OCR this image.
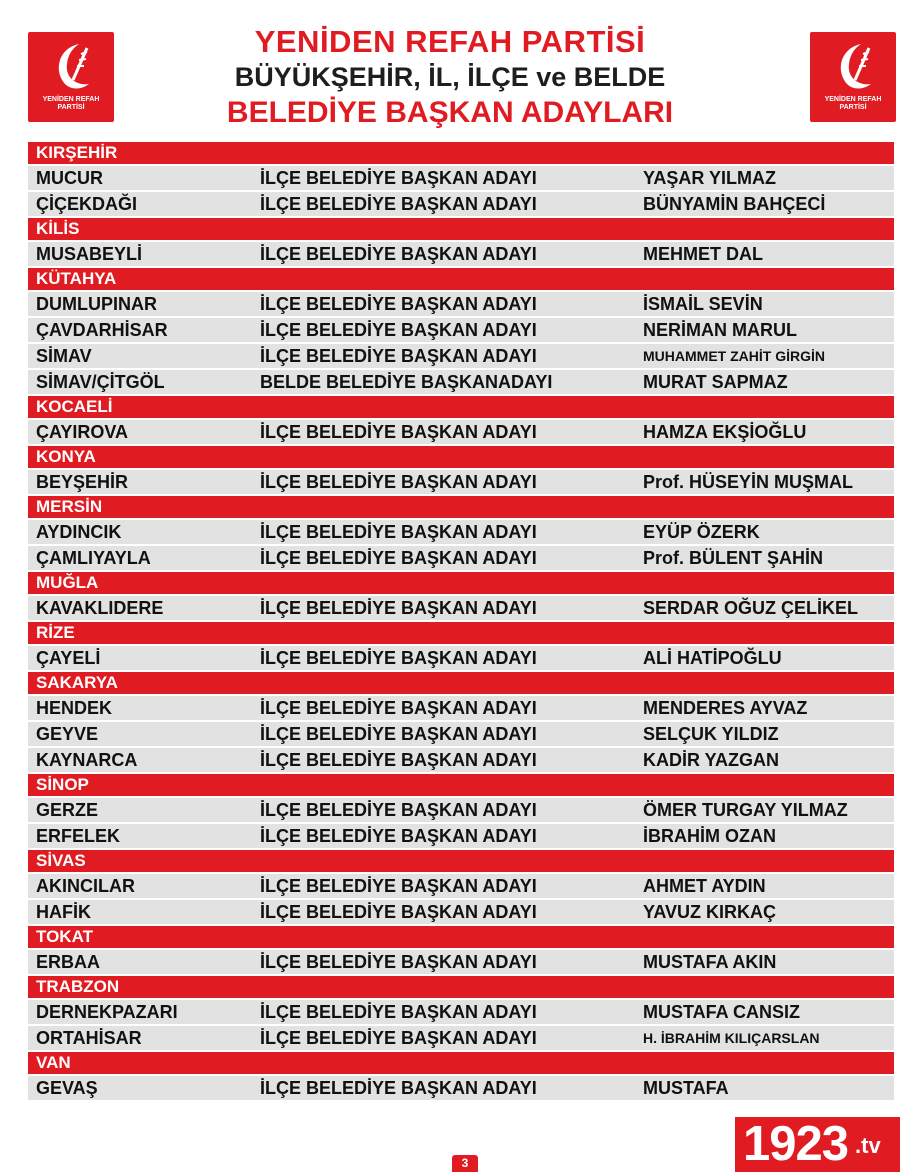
YENİDEN REFAH
PARTİSİ
YENİDEN REFAH PARTİSİ
BÜYÜKŞEHİR, İL, İLÇE ve BELDE
BELEDİYE BAŞKAN ADAYLARI	YENİDEN REFAH
PARTİSİ
KIRŞEHİR
MUCUR	İLÇE BELEDİYE BAŞKAN ADAYI	YAŞAR YILMAZ
ÇİÇEKDAĞI	İLÇE BELEDİYE BAŞKAN ADAYI	BÜNYAMİN BAHÇECİ
KİLİS
MUSABEYLİ	İLÇE BELEDİYE BAŞKAN ADAYI	MEHMET DAL
KÜTAHYA
DUMLUPINAR	İLÇE BELEDİYE BAŞKAN ADAYI	İSMAİL SEVİN
ÇAVDARHİSAR	İLÇE BELEDİYE BAŞKAN ADAYI	NERİMAN MARUL
SİMAV	İLÇE BELEDİYE BAŞKAN ADAYI	MUHAMMET ZAHİT GİRGİN
SİMAV/ÇİTGÖL	BELDE BELEDİYE BAŞKANADAYI	MURAT SAPMAZ
KOCAELİ
ÇAYIROVA	İLÇE BELEDİYE BAŞKAN ADAYI	HAMZA EKŞİOĞLU
KONYA
BEYŞEHİR	İLÇE BELEDİYE BAŞKAN ADAYI	Prof. HÜSEYİN MUŞMAL
MERSİN
AYDINCIK	İLÇE BELEDİYE BAŞKAN ADAYI	EYÜP ÖZERK
ÇAMLIYAYLA	İLÇE BELEDİYE BAŞKAN ADAYI	Prof. BÜLENT ŞAHİN
MUĞLA
KAVAKLIDERE	İLÇE BELEDİYE BAŞKAN ADAYI	SERDAR OĞUZ ÇELİKEL
RİZE
ÇAYELİ	İLÇE BELEDİYE BAŞKAN ADAYI	ALİ HATİPOĞLU
SAKARYA
HENDEK	İLÇE BELEDİYE BAŞKAN ADAYI	MENDERES AYVAZ
GEYVE	İLÇE BELEDİYE BAŞKAN ADAYI	SELÇUK YILDIZ
KAYNARCA	İLÇE BELEDİYE BAŞKAN ADAYI	KADİR YAZGAN
SİNOP
GERZE	İLÇE BELEDİYE BAŞKAN ADAYI	ÖMER TURGAY YILMAZ
ERFELEK	İLÇE BELEDİYE BAŞKAN ADAYI	İBRAHİM OZAN
SİVAS
AKINCILAR	İLÇE BELEDİYE BAŞKAN ADAYI	AHMET AYDIN
HAFİK	İLÇE BELEDİYE BAŞKAN ADAYI	YAVUZ KIRKAÇ
TOKAT
ERBAA	İLÇE BELEDİYE BAŞKAN ADAYI	MUSTAFA AKIN
TRABZON
DERNEKPAZARI	İLÇE BELEDİYE BAŞKAN ADAYI	MUSTAFA CANSIZ
ORTAHİSAR	İLÇE BELEDİYE BAŞKAN ADAYI	H. İBRAHİM KILIÇARSLAN
VAN
GEVAŞ	İLÇE BELEDİYE BAŞKAN ADAYI	MUSTAFA
1923 .tv
3
